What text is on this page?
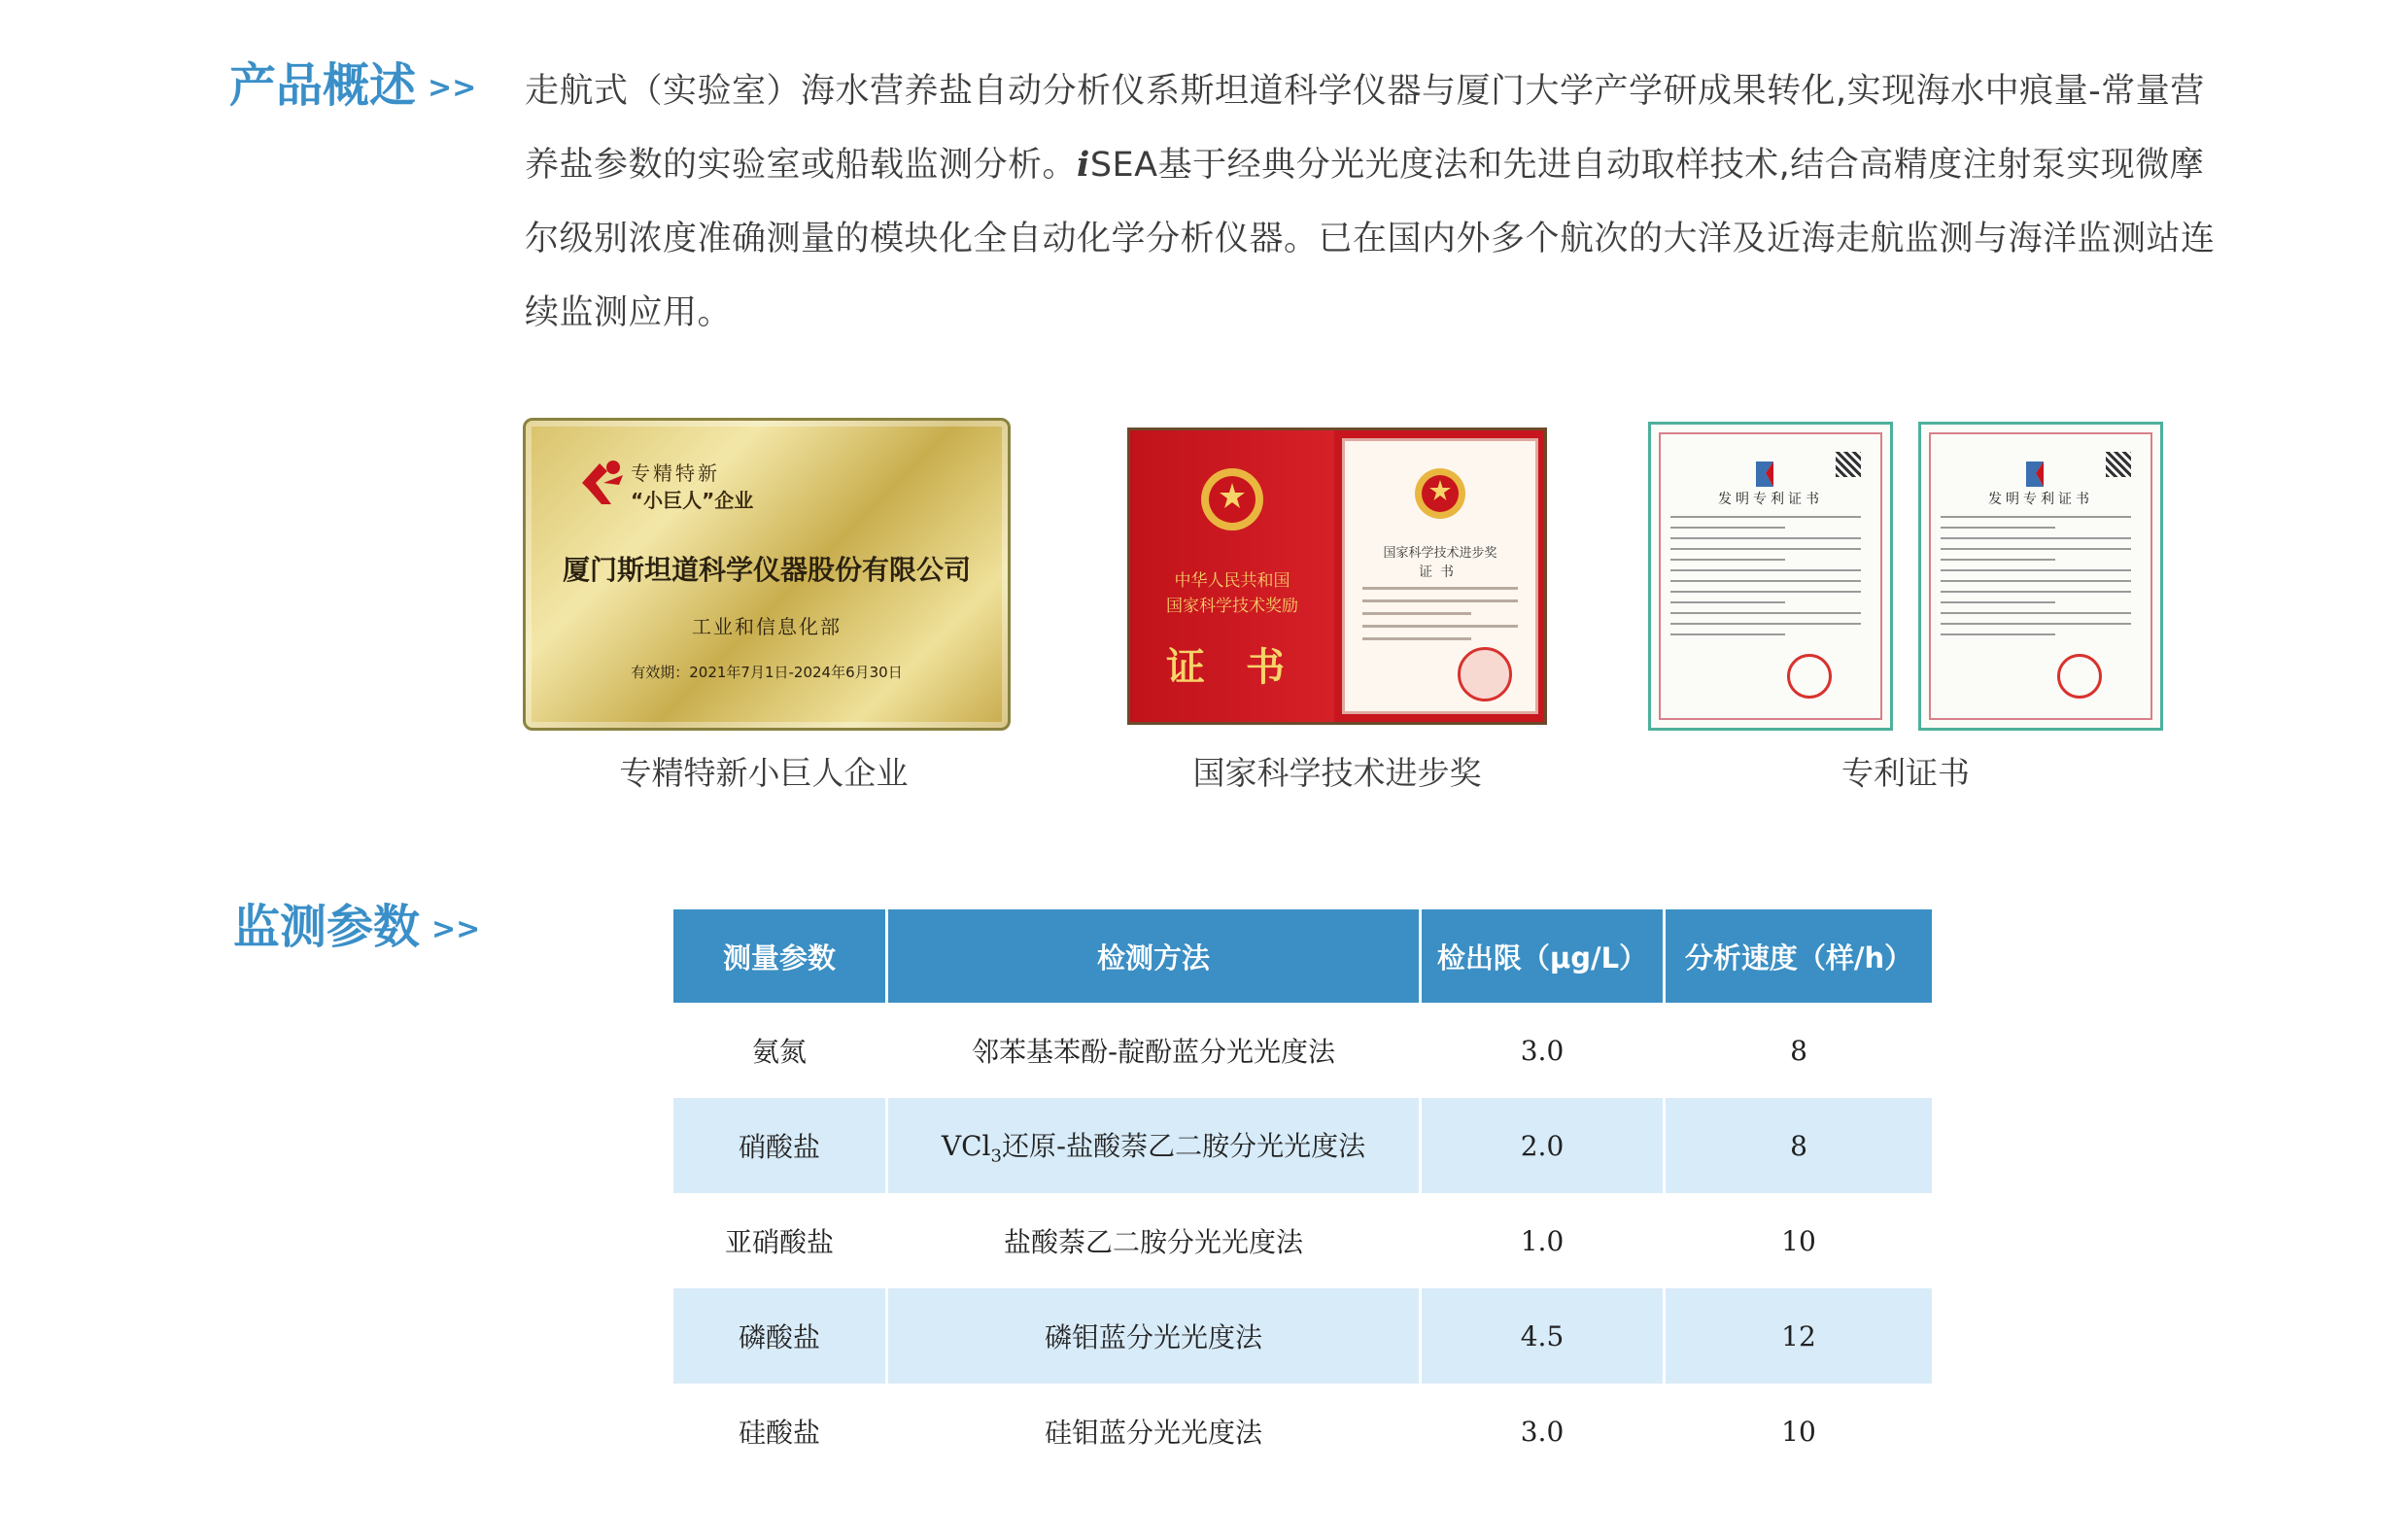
产品概述 >> 走航式（实验室）海水营养盐自动分析仪系斯坦道科学仪器与厦门大学产学研成果转化,实现海水中痕量-常量营养盐参数的实验室或船载监测分析。iSEA基于经典分光光度法和先进自动取样技术,结合高精度注射泵实现微摩尔级别浓度准确测量的模块化全自动化学分析仪器。已在国内外多个航次的大洋及近海走航监测与海洋监测站连续监测应用。
专精特新
“小巨人”企业
厦门斯坦道科学仪器股份有限公司
工业和信息化部
有效期：2021年7月1日-2024年6月30日
中华人民共和国
国家科学技术奖励
证 书
国家科学技术进步奖
证书
发明专利证书	发明专利证书
专精特新小巨人企业	国家科学技术进步奖	专利证书
监测参数 >>
测量参数	检测方法	检出限（μg/L）	分析速度（样/h）
氨氮	邻苯基苯酚-靛酚蓝分光光度法	3.0	8
硝酸盐	VCl$_3$还原-盐酸萘乙二胺分光光度法	2.0	8
亚硝酸盐	盐酸萘乙二胺分光光度法	1.0	10
磷酸盐	磷钼蓝分光光度法	4.5	12
硅酸盐	硅钼蓝分光光度法	3.0	10
